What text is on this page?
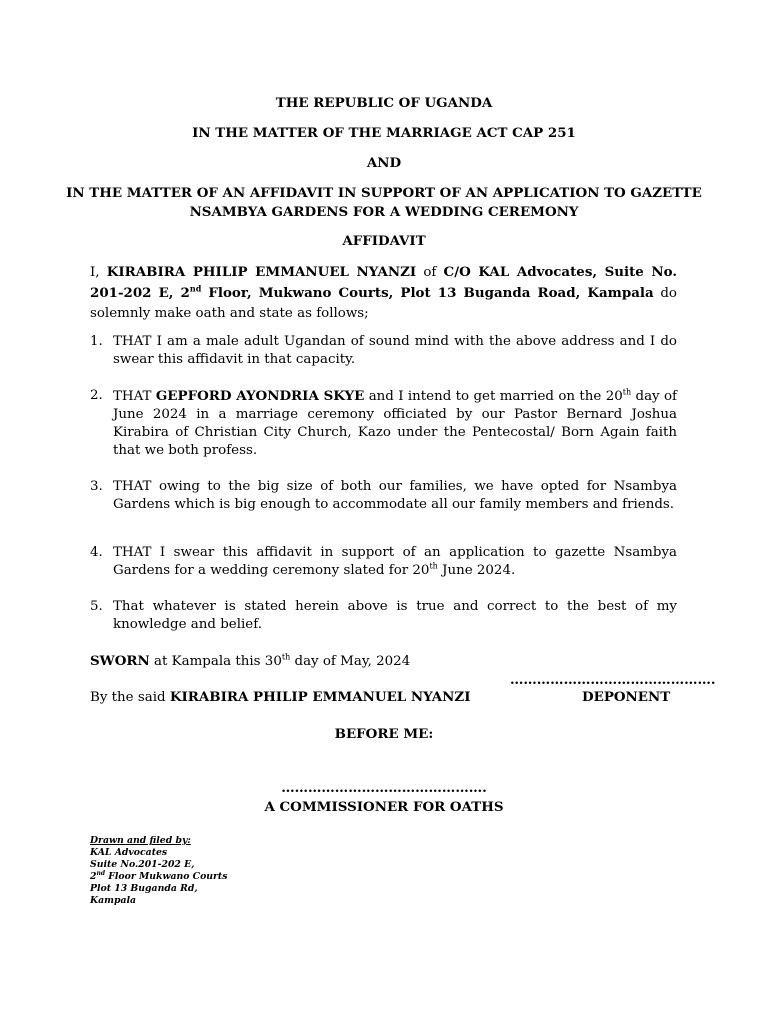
THE REPUBLIC OF UGANDA
IN THE MATTER OF THE MARRIAGE ACT CAP 251
AND
IN THE MATTER OF AN AFFIDAVIT IN SUPPORT OF AN APPLICATION TO GAZETTE
NSAMBYA GARDENS FOR A WEDDING CEREMONY
AFFIDAVIT
I, KIRABIRA PHILIP EMMANUEL NYANZI of C/O KAL Advocates, Suite No. 201-202 E, 2nd Floor, Mukwano Courts, Plot 13 Buganda Road, Kampala do solemnly make oath and state as follows;
1. THAT I am a male adult Ugandan of sound mind with the above address and I do swear this affidavit in that capacity.
2. THAT GEPFORD AYONDRIA SKYE and I intend to get married on the 20th day of June 2024 in a marriage ceremony officiated by our Pastor Bernard Joshua Kirabira of Christian City Church, Kazo under the Pentecostal/ Born Again faith that we both profess.
3. THAT owing to the big size of both our families, we have opted for Nsambya Gardens which is big enough to accommodate all our family members and friends.
4. THAT I swear this affidavit in support of an application to gazette Nsambya Gardens for a wedding ceremony slated for 20th June 2024.
5. That whatever is stated herein above is true and correct to the best of my knowledge and belief.
SWORN at Kampala this 30th day of May, 2024
……………………………………….
By the said KIRABIRA PHILIP EMMANUEL NYANZI	DEPONENT
BEFORE ME:
……………………………………….
A COMMISSIONER FOR OATHS
Drawn and filed by:
KAL Advocates
Suite No.201-202 E,
2nd Floor Mukwano Courts
Plot 13 Buganda Rd,
Kampala
